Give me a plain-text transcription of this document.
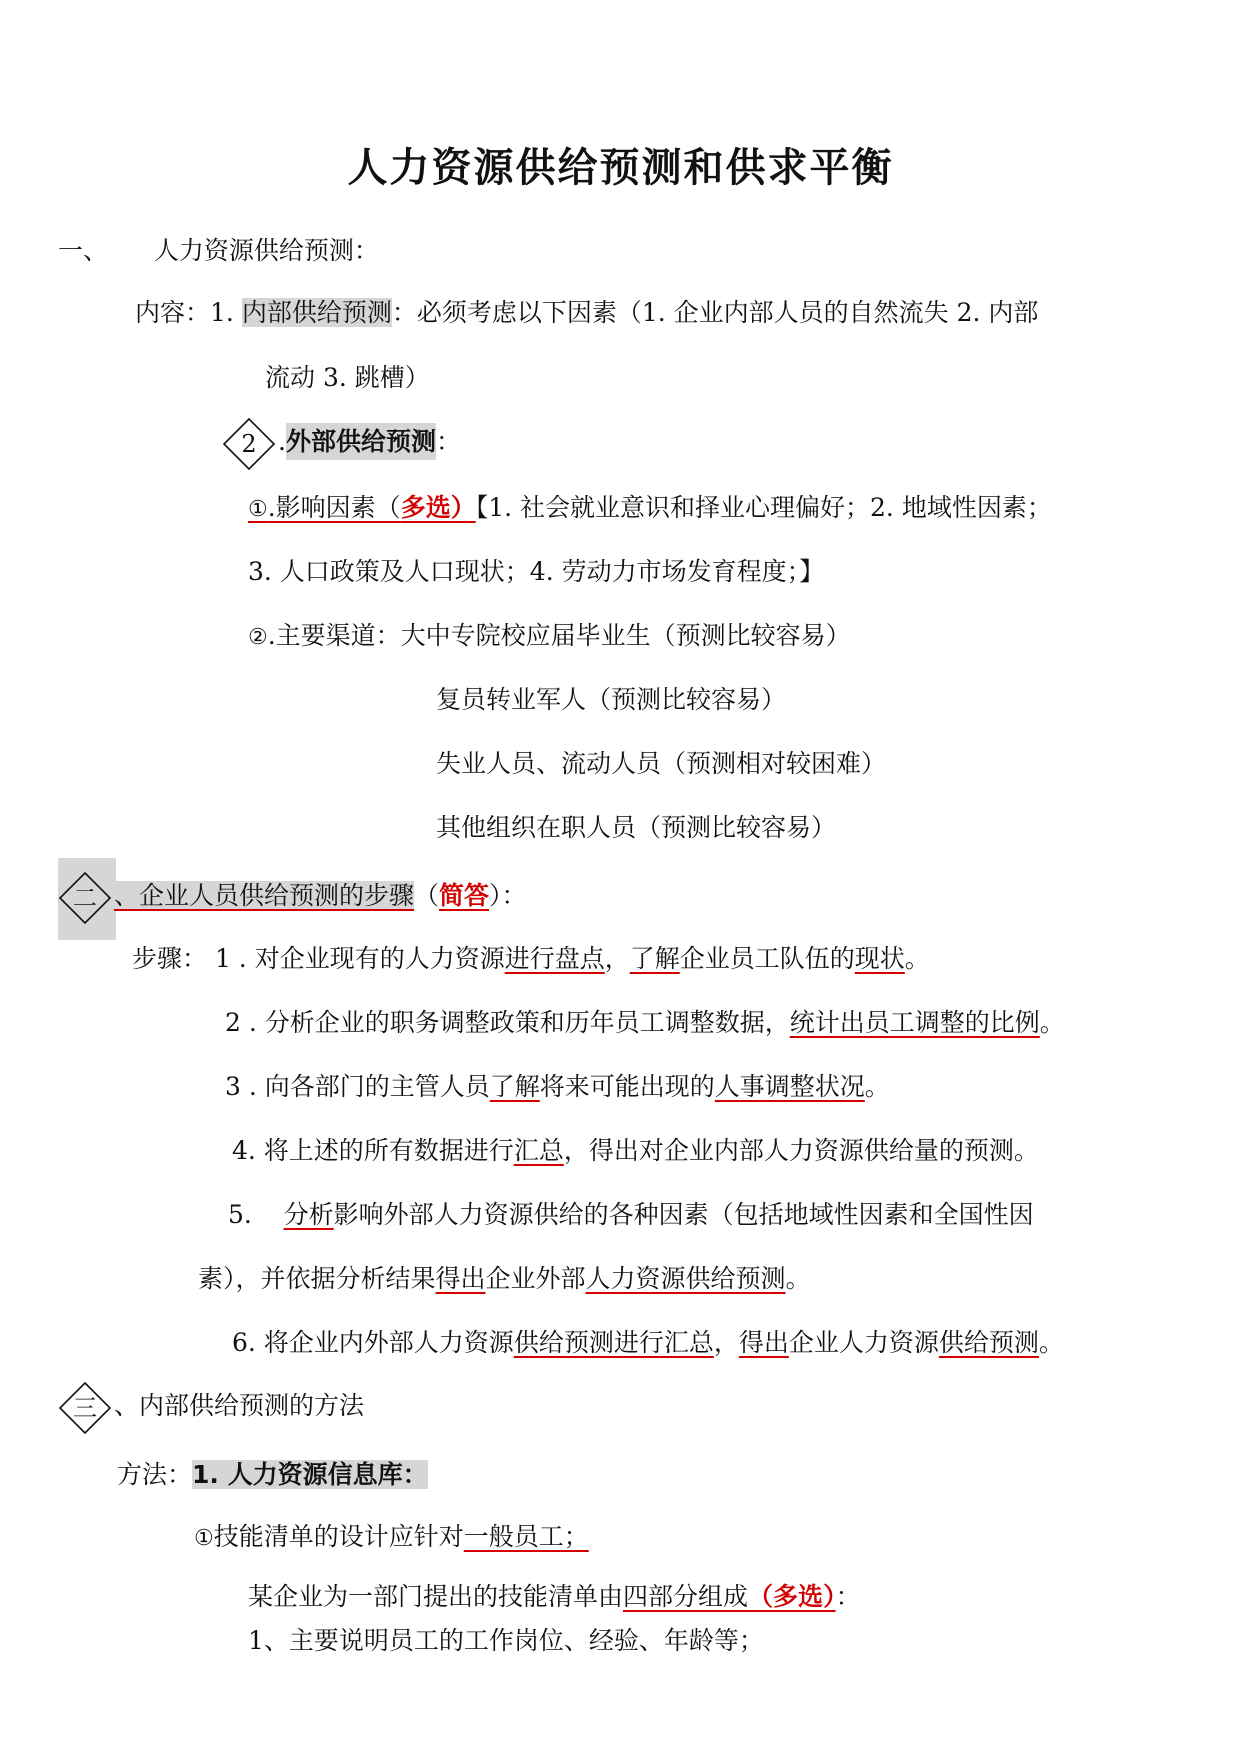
人力资源供给预测和供求平衡
一、 人力资源供给预测：
内容：1. 内部供给预测：必须考虑以下因素（1. 企业内部人员的自然流失 2. 内部
流动 3. 跳槽）
2 .外部供给预测：
①.影响因素（多选）【1. 社会就业意识和择业心理偏好；2. 地域性因素；
3. 人口政策及人口现状；4. 劳动力市场发育程度；】
②.主要渠道：大中专院校应届毕业生（预测比较容易）
复员转业军人（预测比较容易）
失业人员、流动人员（预测相对较困难）
其他组织在职人员（预测比较容易）
二 、企业人员供给预测的步骤（简答）：
步骤： 1 . 对企业现有的人力资源进行盘点，了解企业员工队伍的现状。
2 . 分析企业的职务调整政策和历年员工调整数据，统计出员工调整的比例。
3 . 向各部门的主管人员了解将来可能出现的人事调整状况。
4. 将上述的所有数据进行汇总，得出对企业内部人力资源供给量的预测。
5.    分析影响外部人力资源供给的各种因素（包括地域性因素和全国性因
素），并依据分析结果得出企业外部人力资源供给预测。
6. 将企业内外部人力资源供给预测进行汇总，得出企业人力资源供给预测。
三 、内部供给预测的方法
方法：1. 人力资源信息库：
①技能清单的设计应针对一般员工；
某企业为一部门提出的技能清单由四部分组成（多选）：
1、主要说明员工的工作岗位、经验、年龄等；
